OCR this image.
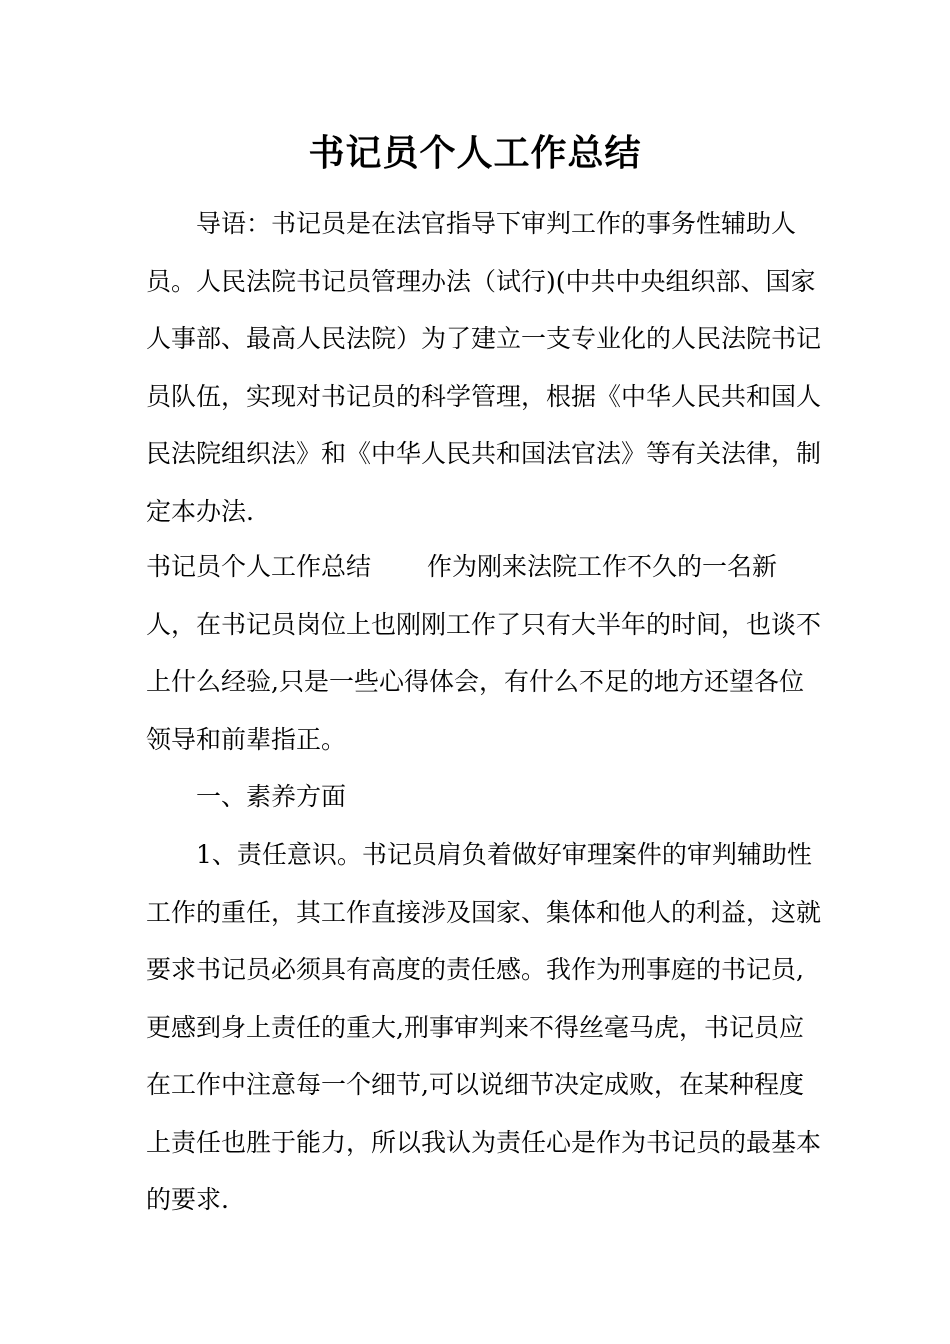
书记员个人工作总结

导语：书记员是在法官指导下审判工作的事务性辅助人员。人民法院书记员管理办法（试行)(中共中央组织部、国家人事部、最高人民法院）为了建立一支专业化的人民法院书记员队伍，实现对书记员的科学管理，根据《中华人民共和国人民法院组织法》和《中华人民共和国法官法》等有关法律，制定本办法.

书记员个人工作总结 作为刚来法院工作不久的一名新人，在书记员岗位上也刚刚工作了只有大半年的时间，也谈不上什么经验,只是一些心得体会，有什么不足的地方还望各位领导和前辈指正。

一、素养方面

1、责任意识。书记员肩负着做好审理案件的审判辅助性工作的重任，其工作直接涉及国家、集体和他人的利益，这就要求书记员必须具有高度的责任感。我作为刑事庭的书记员,更感到身上责任的重大,刑事审判来不得丝毫马虎，书记员应在工作中注意每一个细节,可以说细节决定成败，在某种程度上责任也胜于能力，所以我认为责任心是作为书记员的最基本的要求.
